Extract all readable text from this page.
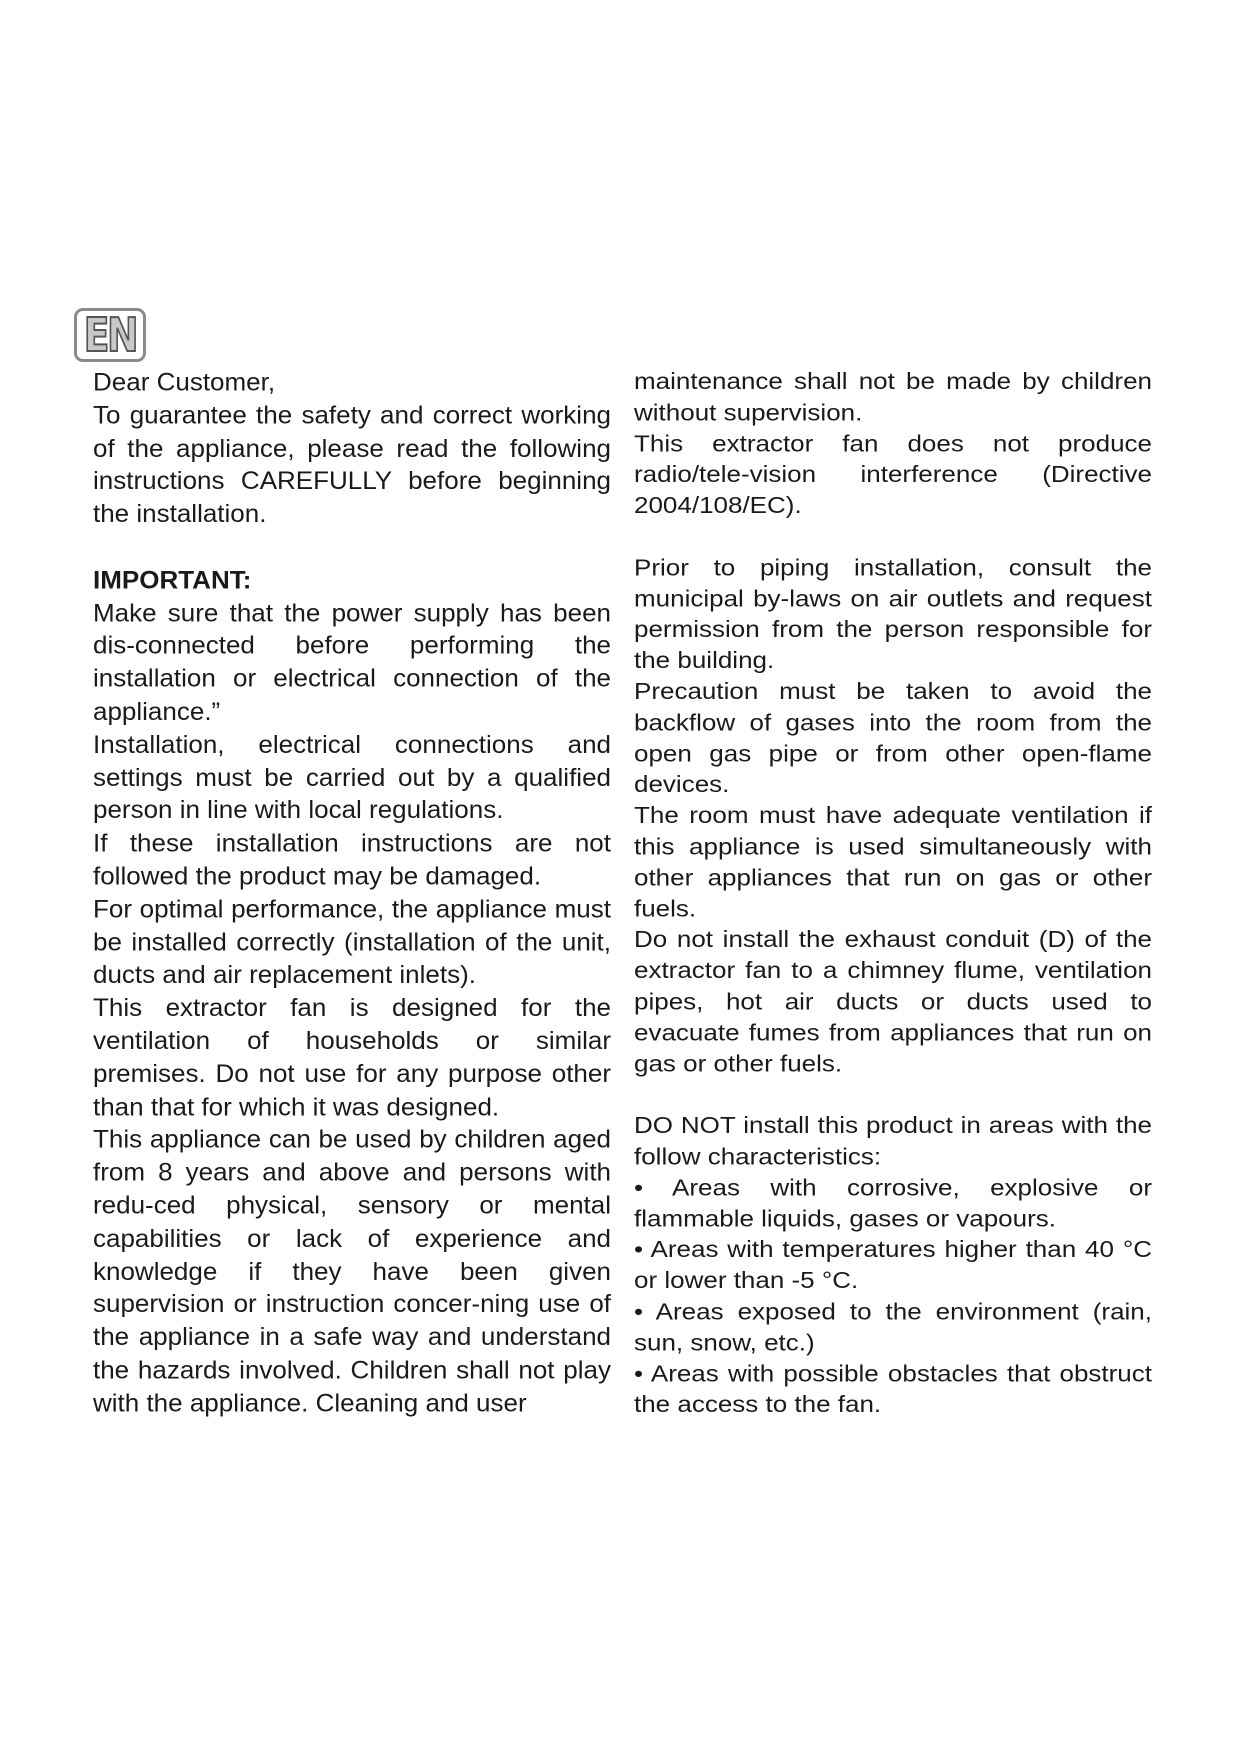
EN

Dear Customer,

To guarantee the safety and correct working of the appliance, please read the following instructions CAREFULLY before beginning the installation.

IMPORTANT:

Make sure that the power supply has been dis-connected before performing the installation or electrical connection of the appliance.”

Installation, electrical connections and settings must be carried out by a qualified person in line with local regulations.

If these installation instructions are not followed the product may be damaged.

For optimal performance, the appliance must be installed correctly (installation of the unit, ducts and air replacement inlets).

This extractor fan is designed for the ventilation of households or similar premises. Do not use for any purpose other than that for which it was designed.

This appliance can be used by children aged from 8 years and above and persons with redu-ced physical, sensory or mental capabilities or lack of experience and knowledge if they have been given supervision or instruction concer-ning use of the appliance in a safe way and understand the hazards involved. Children shall not play with the appliance. Cleaning and user

maintenance shall not be made by children without supervision.

This extractor fan does not produce radio/tele-vision interference (Directive 2004/108/EC).

Prior to piping installation, consult the municipal by-laws on air outlets and request permission from the person responsible for the building.

Precaution must be taken to avoid the backflow of gases into the room from the open gas pipe or from other open-flame devices.

The room must have adequate ventilation if this appliance is used simultaneously with other appliances that run on gas or other fuels.

Do not install the exhaust conduit (D) of the extractor fan to a chimney flume, ventilation pipes, hot air ducts or ducts used to evacuate fumes from appliances that run on gas or other fuels.

DO NOT install this product in areas with the follow characteristics:

• Areas with corrosive, explosive or flammable liquids, gases or vapours.

• Areas with temperatures higher than 40 °C or lower than -5 °C.

• Areas exposed to the environment (rain, sun, snow, etc.)

• Areas with possible obstacles that obstruct the access to the fan.
